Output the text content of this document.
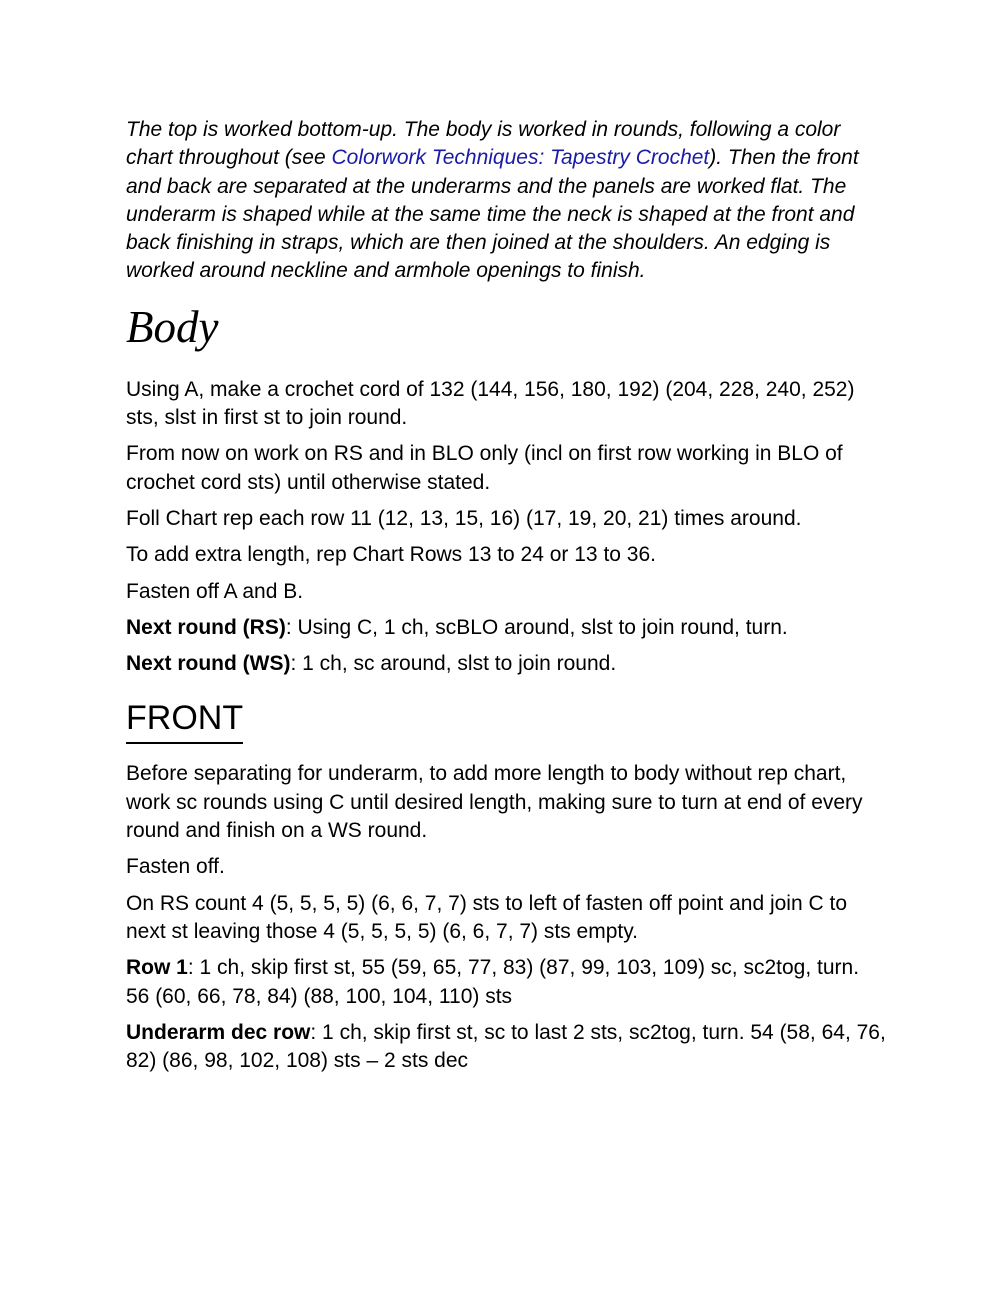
The top is worked bottom-up. The body is worked in rounds, following a color chart throughout (see Colorwork Techniques: Tapestry Crochet). Then the front and back are separated at the underarms and the panels are worked flat. The underarm is shaped while at the same time the neck is shaped at the front and back finishing in straps, which are then joined at the shoulders. An edging is worked around neckline and armhole openings to finish.

Body

Using A, make a crochet cord of 132 (144, 156, 180, 192) (204, 228, 240, 252) sts, slst in first st to join round.

From now on work on RS and in BLO only (incl on first row working in BLO of crochet cord sts) until otherwise stated.

Foll Chart rep each row 11 (12, 13, 15, 16) (17, 19, 20, 21) times around.

To add extra length, rep Chart Rows 13 to 24 or 13 to 36.

Fasten off A and B.

Next round (RS): Using C, 1 ch, scBLO around, slst to join round, turn.

Next round (WS): 1 ch, sc around, slst to join round.

FRONT

Before separating for underarm, to add more length to body without rep chart, work sc rounds using C until desired length, making sure to turn at end of every round and finish on a WS round.

Fasten off.

On RS count 4 (5, 5, 5, 5) (6, 6, 7, 7) sts to left of fasten off point and join C to next st leaving those 4 (5, 5, 5, 5) (6, 6, 7, 7) sts empty.

Row 1: 1 ch, skip first st, 55 (59, 65, 77, 83) (87, 99, 103, 109) sc, sc2tog, turn. 56 (60, 66, 78, 84) (88, 100, 104, 110) sts

Underarm dec row: 1 ch, skip first st, sc to last 2 sts, sc2tog, turn. 54 (58, 64, 76, 82) (86, 98, 102, 108) sts – 2 sts dec
